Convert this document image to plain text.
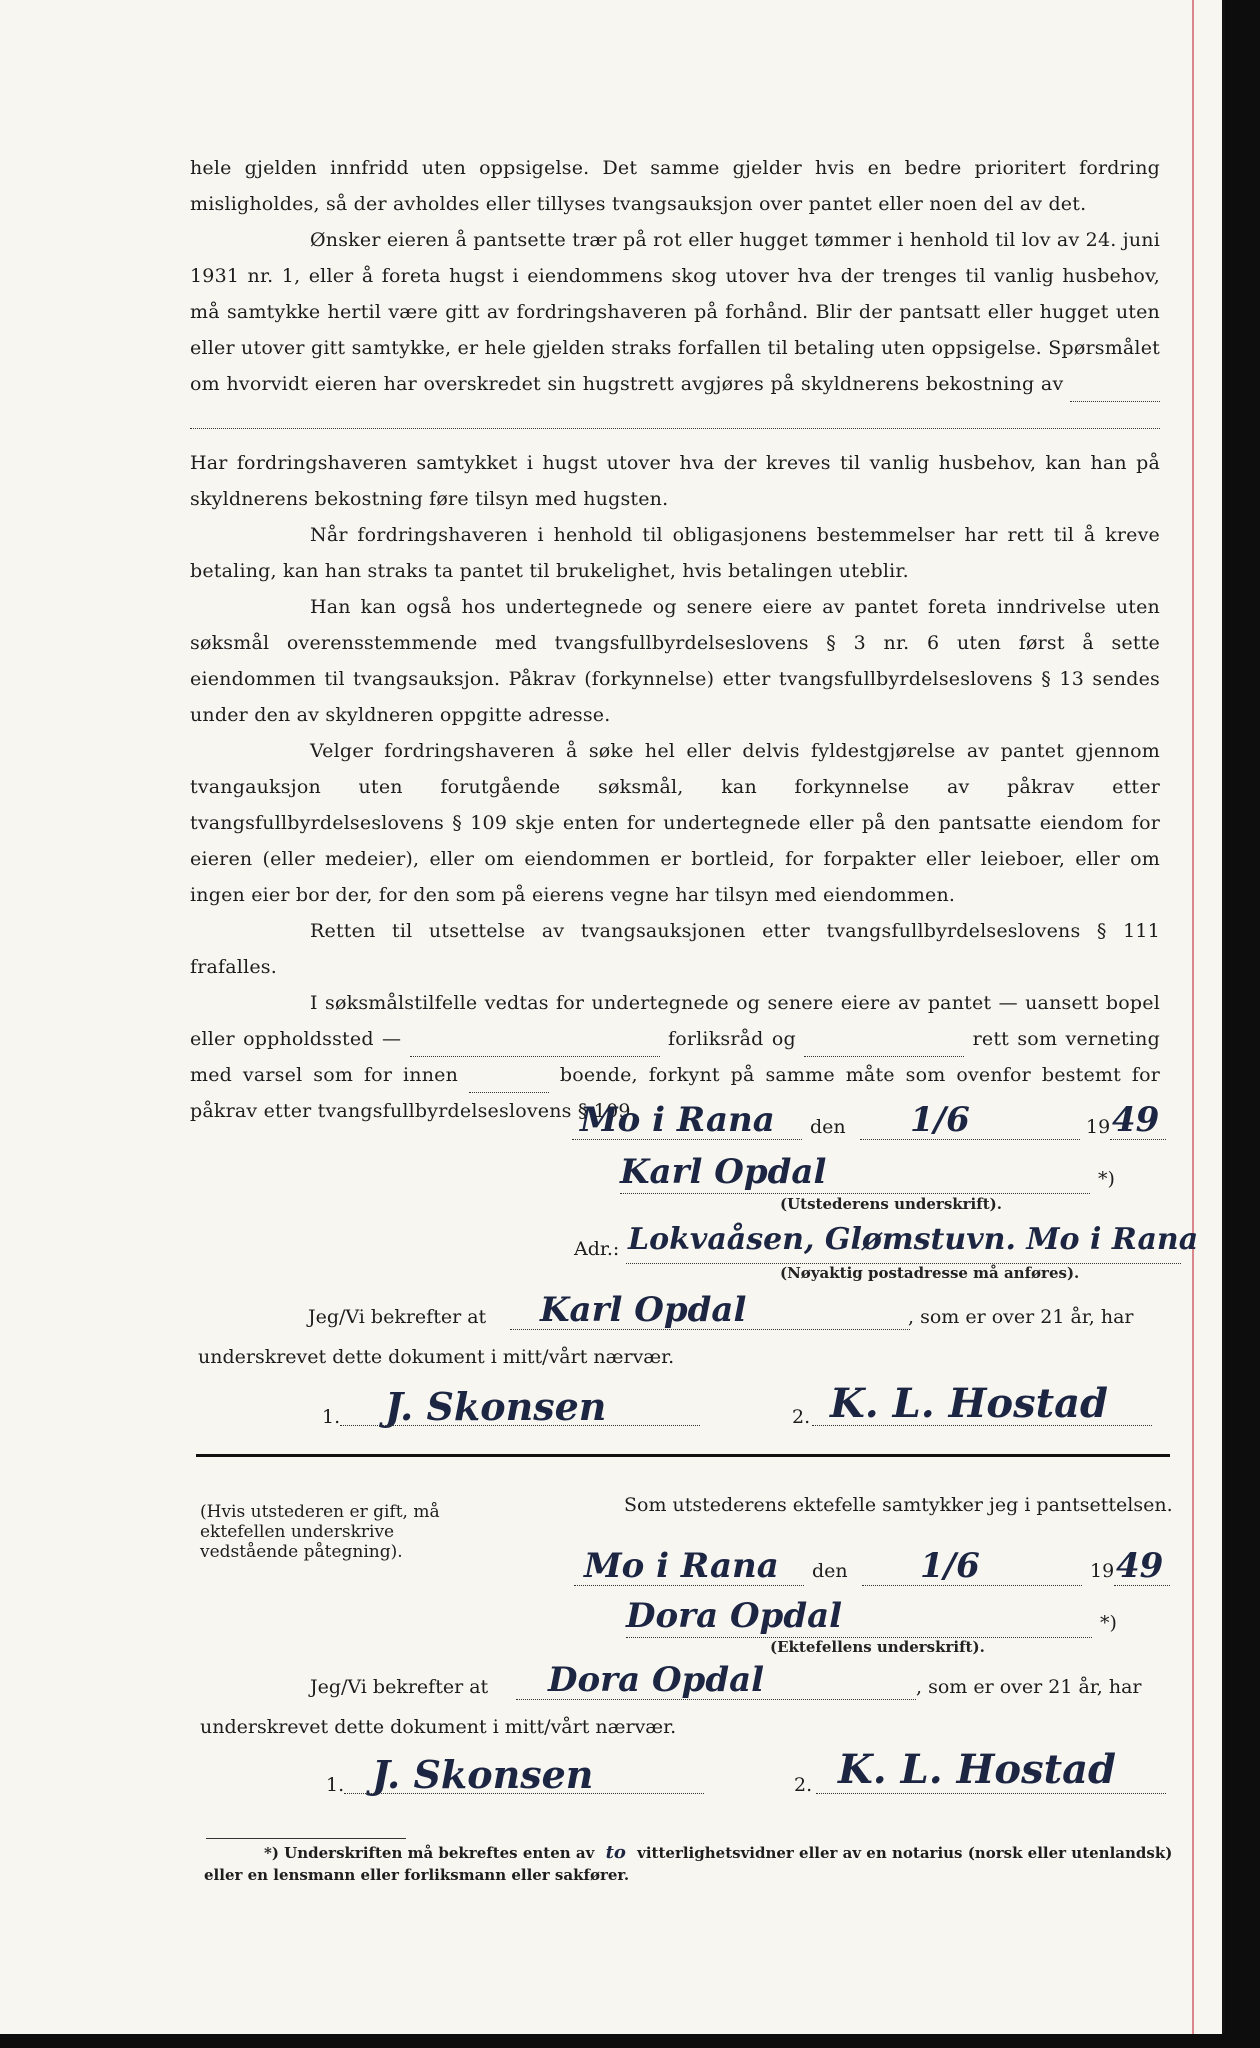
hele gjelden innfridd uten oppsigelse. Det samme gjelder hvis en bedre prioritert fordring misligholdes, så der avholdes eller tillyses tvangsauksjon over pantet eller noen del av det.

Ønsker eieren å pantsette trær på rot eller hugget tømmer i henhold til lov av 24. juni 1931 nr. 1, eller å foreta hugst i eiendommens skog utover hva der trenges til vanlig husbehov, må samtykke hertil være gitt av fordringshaveren på forhånd. Blir der pantsatt eller hugget uten eller utover gitt samtykke, er hele gjelden straks forfallen til betaling uten oppsigelse. Spørsmålet om hvorvidt eieren har overskredet sin hugstrett avgjøres på skyldnerens bekostning av

Har fordringshaveren samtykket i hugst utover hva der kreves til vanlig husbehov, kan han på skyldnerens bekostning føre tilsyn med hugsten.

Når fordringshaveren i henhold til obligasjonens bestemmelser har rett til å kreve betaling, kan han straks ta pantet til brukelighet, hvis betalingen uteblir.

Han kan også hos undertegnede og senere eiere av pantet foreta inndrivelse uten søksmål overensstemmende med tvangsfullbyrdelseslovens § 3 nr. 6 uten først å sette eiendommen til tvangsauksjon. Påkrav (forkynnelse) etter tvangsfullbyrdelseslovens § 13 sendes under den av skyldneren oppgitte adresse.

Velger fordringshaveren å søke hel eller delvis fyldestgjørelse av pantet gjennom tvangauksjon uten forutgående søksmål, kan forkynnelse av påkrav etter tvangsfullbyrdelseslovens § 109 skje enten for undertegnede eller på den pantsatte eiendom for eieren (eller medeier), eller om eiendommen er bortleid, for forpakter eller leieboer, eller om ingen eier bor der, for den som på eierens vegne har tilsyn med eiendommen.

Retten til utsettelse av tvangsauksjonen etter tvangsfullbyrdelseslovens § 111 frafalles.

I søksmålstilfelle vedtas for undertegnede og senere eiere av pantet — uansett bopel eller oppholdssted —	forliksråd og	rett som verneting med varsel som for innen	boende, forkynt på samme måte som ovenfor bestemt for påkrav etter tvangsfullbyrdelseslovens § 109.

Mo i Rana den 1/6	19 49
Karl Opdal	*)
(Utstederens underskrift).
Adr.: Lokvaåsen, Glømstuvn. Mo i Rana
(Nøyaktig postadresse må anføres).
Jeg/Vi bekrefter at Karl Opdal	, som er over 21 år, har
underskrevet dette dokument i mitt/vårt nærvær.
1. J. Skonsen	2. K. L. Hostad
(Hvis utstederen er gift, må ektefellen underskrive vedstående påtegning).
Som utstederens ektefelle samtykker jeg i pantsettelsen.
Mo i Rana den 1/6	19 49
Dora Opdal	*)
(Ektefellens underskrift).
Jeg/Vi bekrefter at Dora Opdal	, som er over 21 år, har
underskrevet dette dokument i mitt/vårt nærvær.
1. J. Skonsen	2. K. L. Hostad
*) Underskriften må bekreftes enten av to vitterlighetsvidner eller av en notarius (norsk eller utenlandsk) eller en lensmann eller forliksmann eller sakfører.
